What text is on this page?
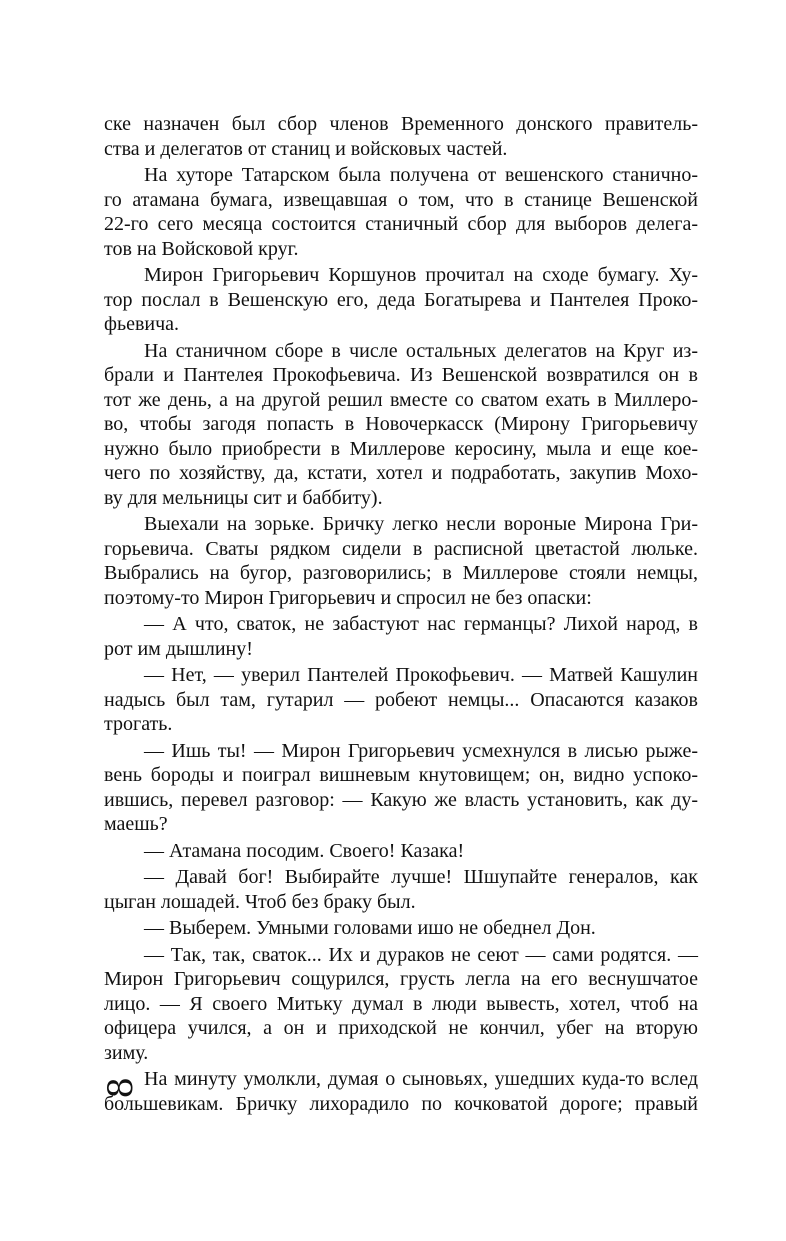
ске назначен был сбор членов Временного донского правитель-
ства и делегатов от станиц и войсковых частей.
На хуторе Татарском была получена от вешенского станично-
го атамана бумага, извещавшая о том, что в станице Вешенской
22-го сего месяца состоится станичный сбор для выборов делега-
тов на Войсковой круг.
Мирон Григорьевич Коршунов прочитал на сходе бумагу. Ху-
тор послал в Вешенскую его, деда Богатырева и Пантелея Проко-
фьевича.
На станичном сборе в числе остальных делегатов на Круг из-
брали и Пантелея Прокофьевича. Из Вешенской возвратился он в
тот же день, а на другой решил вместе со сватом ехать в Миллеро-
во, чтобы загодя попасть в Новочеркасск (Мирону Григорьевичу
нужно было приобрести в Миллерове керосину, мыла и еще коe-
чего по хозяйству, да, кстати, хотел и подработать, закупив Мохо-
ву для мельницы сит и баббиту).
Выехали на зорьке. Бричку легко несли вороные Мирона Гри-
горьевича. Сваты рядком сидели в расписной цветастой люльке.
Выбрались на бугор, разговорились; в Миллерове стояли немцы,
поэтому-то Мирон Григорьевич и спросил не без опаски:
— А что, сваток, не забастуют нас германцы? Лихой народ, в
рот им дышлину!
— Нет, — уверил Пантелей Прокофьевич. — Матвей Кашулин
надысь был там, гутарил — робеют немцы... Опасаются казаков
трогать.
— Ишь ты! — Мирон Григорьевич усмехнулся в лисью рыже-
вень бороды и поиграл вишневым кнутовищем; он, видно успоко-
ившись, перевел разговор: — Какую же власть установить, как ду-
маешь?
— Атамана посодим. Своего! Казака!
— Давай бог! Выбирайте лучше! Шшупайте генералов, как
цыган лошадей. Чтоб без браку был.
— Выберем. Умными головами ишо не обеднел Дон.
— Так, так, сваток... Их и дураков не сеют — сами родятся. —
Мирон Григорьевич сощурился, грусть легла на его веснушчатое
лицо. — Я своего Митьку думал в люди вывесть, хотел, чтоб на
офицера учился, а он и приходской не кончил, убег на вторую
зиму.
На минуту умолкли, думая о сыновьях, ушедших куда-то вслед
большевикам. Бричку лихорадило по кочковатой дороге; правый
8
